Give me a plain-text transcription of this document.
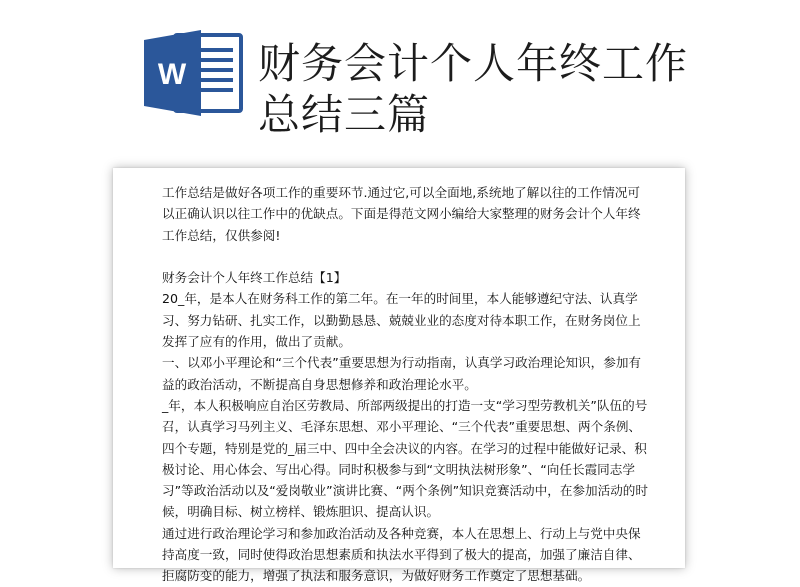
W 财务会计个人年终工作总结三篇

工作总结是做好各项工作的重要环节.通过它,可以全面地,系统地了解以往的工作情况可以正确认识以往工作中的优缺点。下面是得范文网小编给大家整理的财务会计个人年终工作总结，仅供参阅!

财务会计个人年终工作总结【1】

20_年，是本人在财务科工作的第二年。在一年的时间里，本人能够遵纪守法、认真学习、努力钻研、扎实工作，以勤勤恳恳、兢兢业业的态度对待本职工作，在财务岗位上发挥了应有的作用，做出了贡献。

一、以邓小平理论和“三个代表”重要思想为行动指南，认真学习政治理论知识，参加有益的政治活动，不断提高自身思想修养和政治理论水平。

_年，本人积极响应自治区劳教局、所部两级提出的打造一支“学习型劳教机关”队伍的号召，认真学习马列主义、毛泽东思想、邓小平理论、“三个代表”重要思想、两个条例、四个专题，特别是党的_届三中、四中全会决议的内容。在学习的过程中能做好记录、积极讨论、用心体会、写出心得。同时积极参与到“文明执法树形象”、“向任长霞同志学习”等政治活动以及“爱岗敬业”演讲比赛、“两个条例”知识竞赛活动中，在参加活动的时候，明确目标、树立榜样、锻炼胆识、提高认识。

通过进行政治理论学习和参加政治活动及各种竞赛，本人在思想上、行动上与党中央保持高度一致，同时使得政治思想素质和执法水平得到了极大的提高，加强了廉洁自律、拒腐防变的能力，增强了执法和服务意识，为做好财务工作奠定了思想基础。
